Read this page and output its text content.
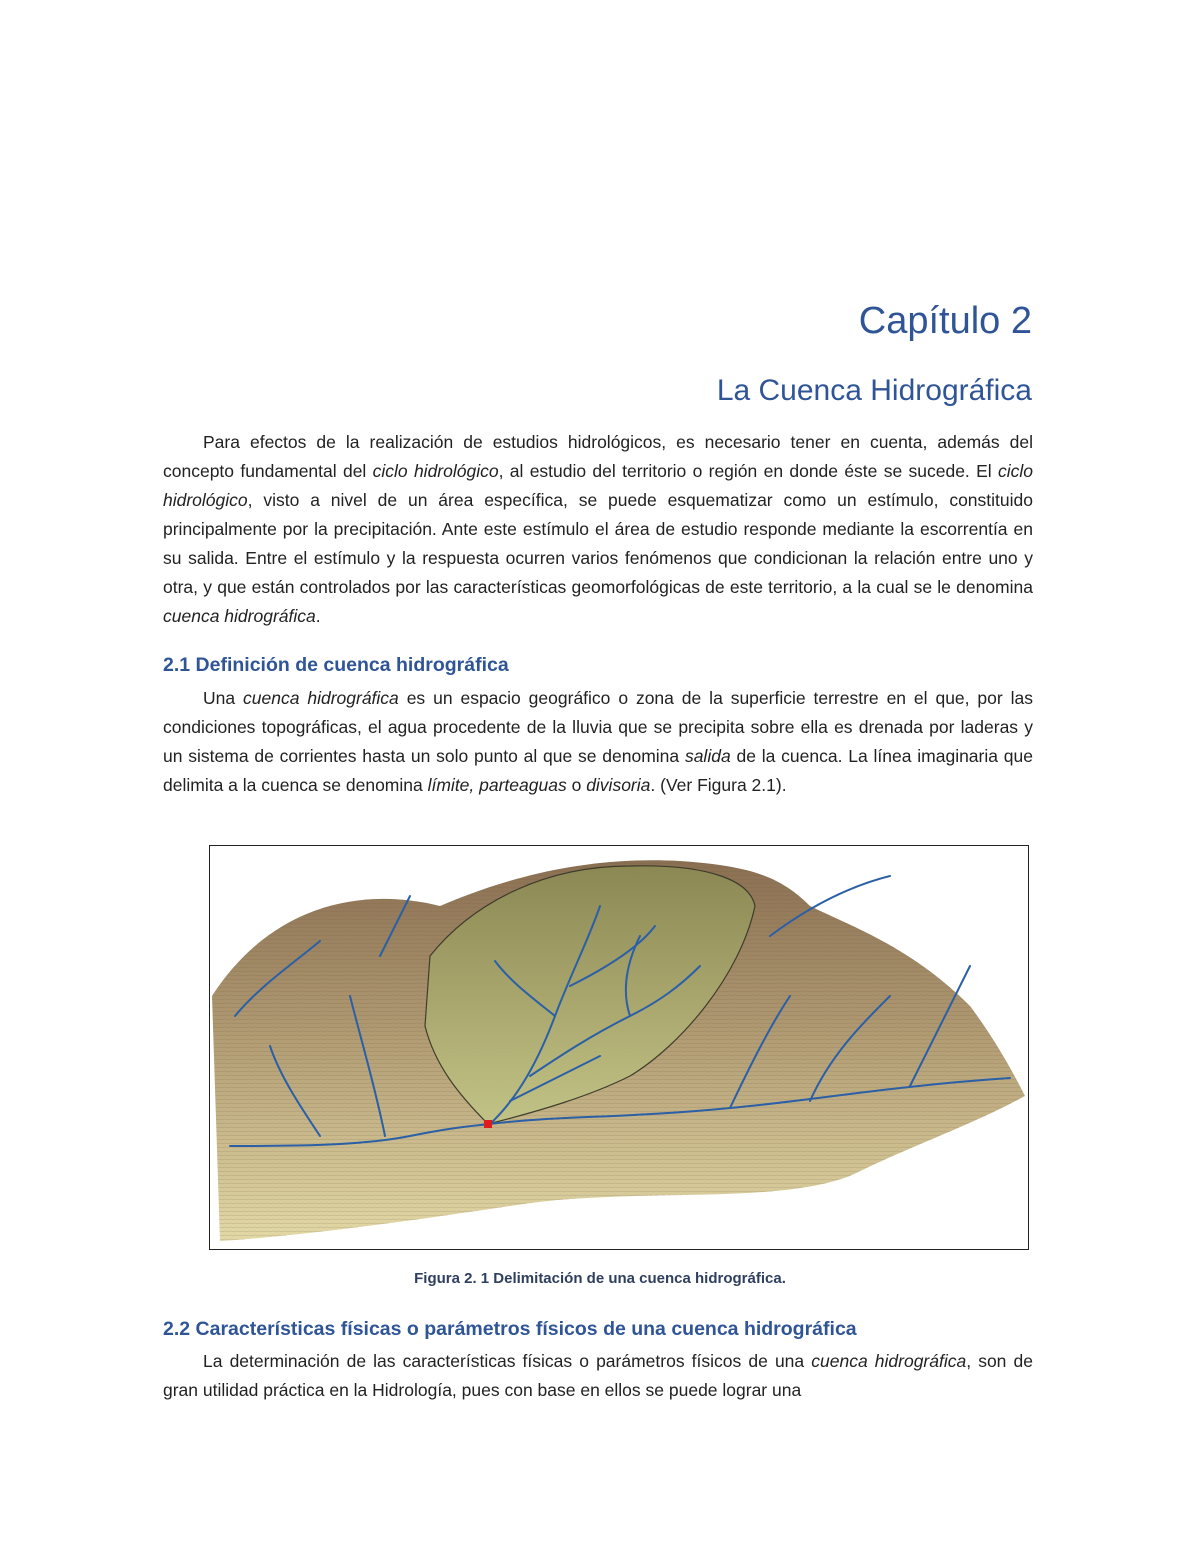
Capítulo 2
La Cuenca Hidrográfica

Para efectos de la realización de estudios hidrológicos, es necesario tener en cuenta, además del concepto fundamental del ciclo hidrológico, al estudio del territorio o región en donde éste se sucede. El ciclo hidrológico, visto a nivel de un área específica, se puede esquematizar como un estímulo, constituido principalmente por la precipitación. Ante este estímulo el área de estudio responde mediante la escorrentía en su salida. Entre el estímulo y la respuesta ocurren varios fenómenos que condicionan la relación entre uno y otra, y que están controlados por las características geomorfológicas de este territorio, a la cual se le denomina cuenca hidrográfica.

2.1 Definición de cuenca hidrográfica

Una cuenca hidrográfica es un espacio geográfico o zona de la superficie terrestre en el que, por las condiciones topográficas, el agua procedente de la lluvia que se precipita sobre ella es drenada por laderas y un sistema de corrientes hasta un solo punto al que se denomina salida de la cuenca. La línea imaginaria que delimita a la cuenca se denomina límite, parteaguas o divisoria. (Ver Figura 2.1).

Figura 2. 1 Delimitación de una cuenca hidrográfica.
2.2 Características físicas o parámetros físicos de una cuenca hidrográfica

La determinación de las características físicas o parámetros físicos de una cuenca hidrográfica, son de gran utilidad práctica en la Hidrología, pues con base en ellos se puede lograr una
